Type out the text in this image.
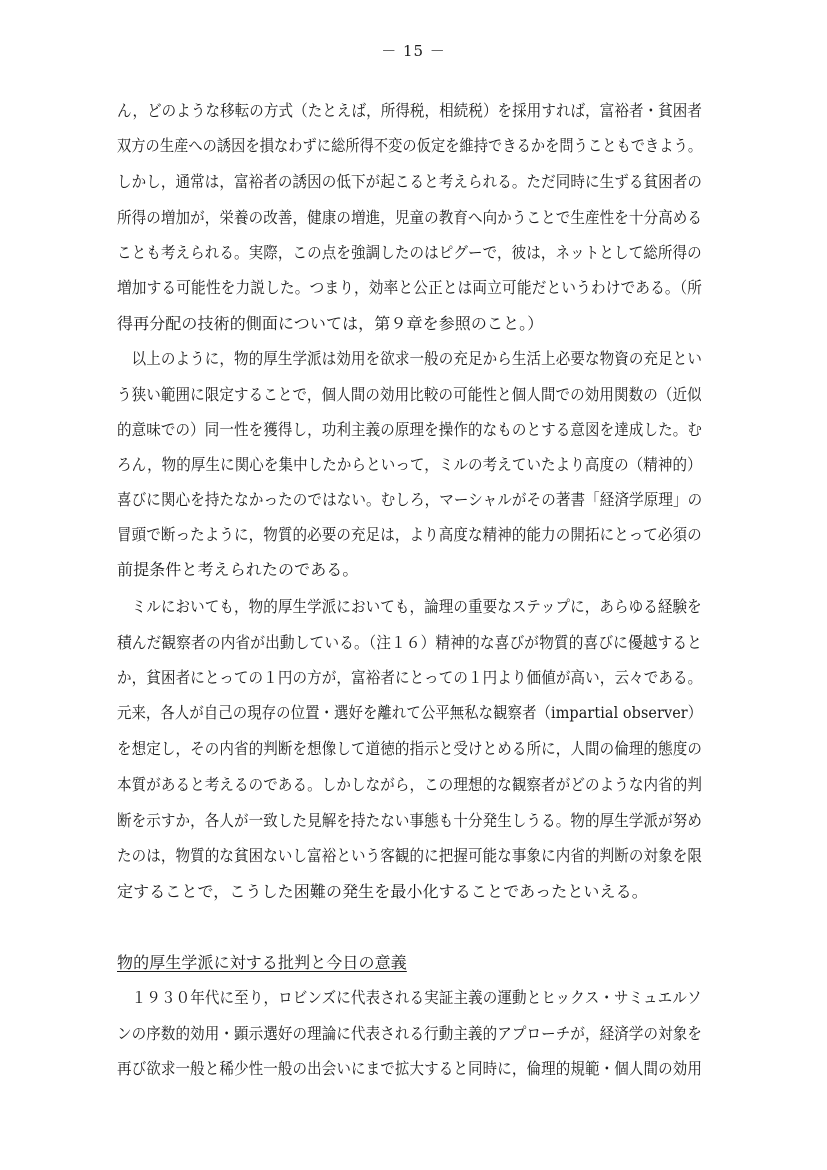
－ 15 －
ん，どのような移転の方式（たとえば，所得税，相続税）を採用すれば，富裕者・貧困者
双方の生産への誘因を損なわずに総所得不変の仮定を維持できるかを問うこともできよう。
しかし，通常は，富裕者の誘因の低下が起こると考えられる。ただ同時に生ずる貧困者の
所得の増加が，栄養の改善，健康の増進，児童の教育へ向かうことで生産性を十分高める
ことも考えられる。実際，この点を強調したのはピグーで，彼は，ネットとして総所得の
増加する可能性を力説した。つまり，効率と公正とは両立可能だというわけである。（所
得再分配の技術的側面については，第９章を参照のこと。）
　以上のように，物的厚生学派は効用を欲求一般の充足から生活上必要な物資の充足とい
う狭い範囲に限定することで，個人間の効用比較の可能性と個人間での効用関数の（近似
的意味での）同一性を獲得し，功利主義の原理を操作的なものとする意図を達成した。む
ろん，物的厚生に関心を集中したからといって，ミルの考えていたより高度の（精神的）
喜びに関心を持たなかったのではない。むしろ，マーシャルがその著書「経済学原理」の
冒頭で断ったように，物質的必要の充足は，より高度な精神的能力の開拓にとって必須の
前提条件と考えられたのである。
　ミルにおいても，物的厚生学派においても，論理の重要なステップに，あらゆる経験を
積んだ観察者の内省が出動している。（注１６）精神的な喜びが物質的喜びに優越すると
か，貧困者にとっての１円の方が，富裕者にとっての１円より価値が高い，云々である。
元来，各人が自己の現存の位置・選好を離れて公平無私な観察者（impartial observer）
を想定し，その内省的判断を想像して道徳的指示と受けとめる所に，人間の倫理的態度の
本質があると考えるのである。しかしながら，この理想的な観察者がどのような内省的判
断を示すか，各人が一致した見解を持たない事態も十分発生しうる。物的厚生学派が努め
たのは，物質的な貧困ないし富裕という客観的に把握可能な事象に内省的判断の対象を限
定することで，こうした困難の発生を最小化することであったといえる。
物的厚生学派に対する批判と今日の意義
　１９３０年代に至り，ロビンズに代表される実証主義の運動とヒックス・サミュエルソ
ンの序数的効用・顕示選好の理論に代表される行動主義的アプローチが，経済学の対象を
再び欲求一般と稀少性一般の出会いにまで拡大すると同時に，倫理的規範・個人間の効用
